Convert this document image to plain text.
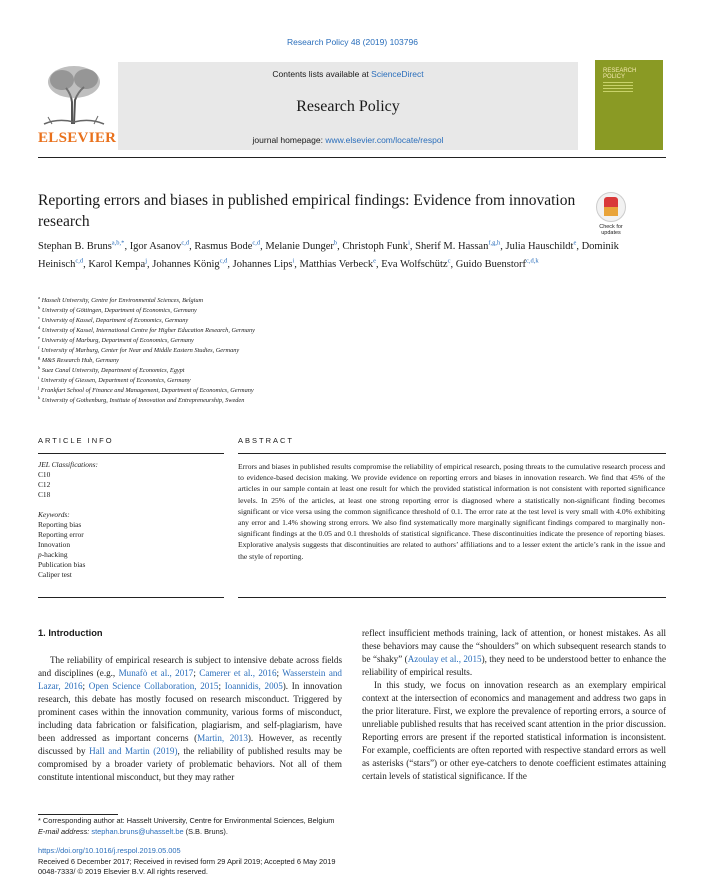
Research Policy 48 (2019) 103796
ELSEVIER
Contents lists available at ScienceDirect
Research Policy
journal homepage: www.elsevier.com/locate/respol
RESEARCH POLICY
Reporting errors and biases in published empirical findings: Evidence from innovation research	Check for updates
Stephan B. Bruns$^{a,b,*}$, Igor Asanov$^{c,d}$, Rasmus Bode$^{c,d}$, Melanie Dunger$^b$, Christoph Funk$^i$, Sherif M. Hassan$^{f,g,h}$, Julia Hauschildt$^e$, Dominik Heinisch$^{c,d}$, Karol Kempa$^j$, Johannes König$^{c,d}$, Johannes Lips$^i$, Matthias Verbeck$^e$, Eva Wolfschütz$^c$, Guido Buenstorf$^{c,d,k}$
$^a$ Hasselt University, Centre for Environmental Sciences, Belgium
$^b$ University of Göttingen, Department of Economics, Germany
$^c$ University of Kassel, Department of Economics, Germany
$^d$ University of Kassel, International Centre for Higher Education Research, Germany
$^e$ University of Marburg, Department of Economics, Germany
$^f$ University of Marburg, Center for Near and Middle Eastern Studies, Germany
$^g$ M&S Research Hub, Germany
$^h$ Suez Canal University, Department of Economics, Egypt
$^i$ University of Giessen, Department of Economics, Germany
$^j$ Frankfurt School of Finance and Management, Department of Economics, Germany
$^k$ University of Gothenburg, Institute of Innovation and Entrepreneurship, Sweden
ARTICLE INFO	ABSTRACT
JEL Classifications:
C10
C12
C18
Keywords:
Reporting bias
Reporting error
Innovation
p-hacking
Publication bias
Caliper test
Errors and biases in published results compromise the reliability of empirical research, posing threats to the cumulative research process and to evidence-based decision making. We provide evidence on reporting errors and biases in innovation research. We find that 45% of the articles in our sample contain at least one result for which the provided statistical information is not consistent with reported significance levels. In 25% of the articles, at least one strong reporting error is diagnosed where a statistically non-significant finding becomes significant or vice versa using the common significance threshold of 0.1. The error rate at the test level is very small with 4.0% exhibiting any error and 1.4% showing strong errors. We also find systematically more marginally significant findings compared to marginally non-significant findings at the 0.05 and 0.1 thresholds of statistical significance. These discontinuities indicate the presence of reporting biases. Explorative analysis suggests that discontinuities are related to authors’ affiliations and to a lesser extent the article’s rank in the issue and the style of reporting.
1. Introduction

The reliability of empirical research is subject to intensive debate across fields and disciplines (e.g., Munafò et al., 2017; Camerer et al., 2016; Wasserstein and Lazar, 2016; Open Science Collaboration, 2015; Ioannidis, 2005). In innovation research, this debate has mostly focused on research misconduct. Triggered by prominent cases within the innovation community, various forms of misconduct, including data fabrication or falsification, plagiarism, and self-plagiarism, have been addressed as important concerns (Martin, 2013). However, as recently discussed by Hall and Martin (2019), the reliability of published results may be compromised by a broader variety of problematic behaviors. Not all of them constitute intentional misconduct, but they may rather

reflect insufficient methods training, lack of attention, or honest mistakes. As all these behaviors may cause the “shoulders” on which subsequent research stands to be “shaky” (Azoulay et al., 2015), they need to be understood better to enhance the reliability of empirical results.

In this study, we focus on innovation research as an exemplary empirical context at the intersection of economics and management and address two gaps in the prior literature. First, we explore the prevalence of reporting errors, a source of unreliable published results that has received scant attention in the prior discussion. Reporting errors are present if the reported statistical information is inconsistent. For example, coefficients are often reported with respective standard errors as well as asterisks (“stars”) or other eye-catchers to denote coefficient estimates attaining certain levels of statistical significance. If the

* Corresponding author at: Hasselt University, Centre for Environmental Sciences, Belgium
E-mail address: stephan.bruns@uhasselt.be (S.B. Bruns).
https://doi.org/10.1016/j.respol.2019.05.005
Received 6 December 2017; Received in revised form 29 April 2019; Accepted 6 May 2019
0048-7333/ © 2019 Elsevier B.V. All rights reserved.
